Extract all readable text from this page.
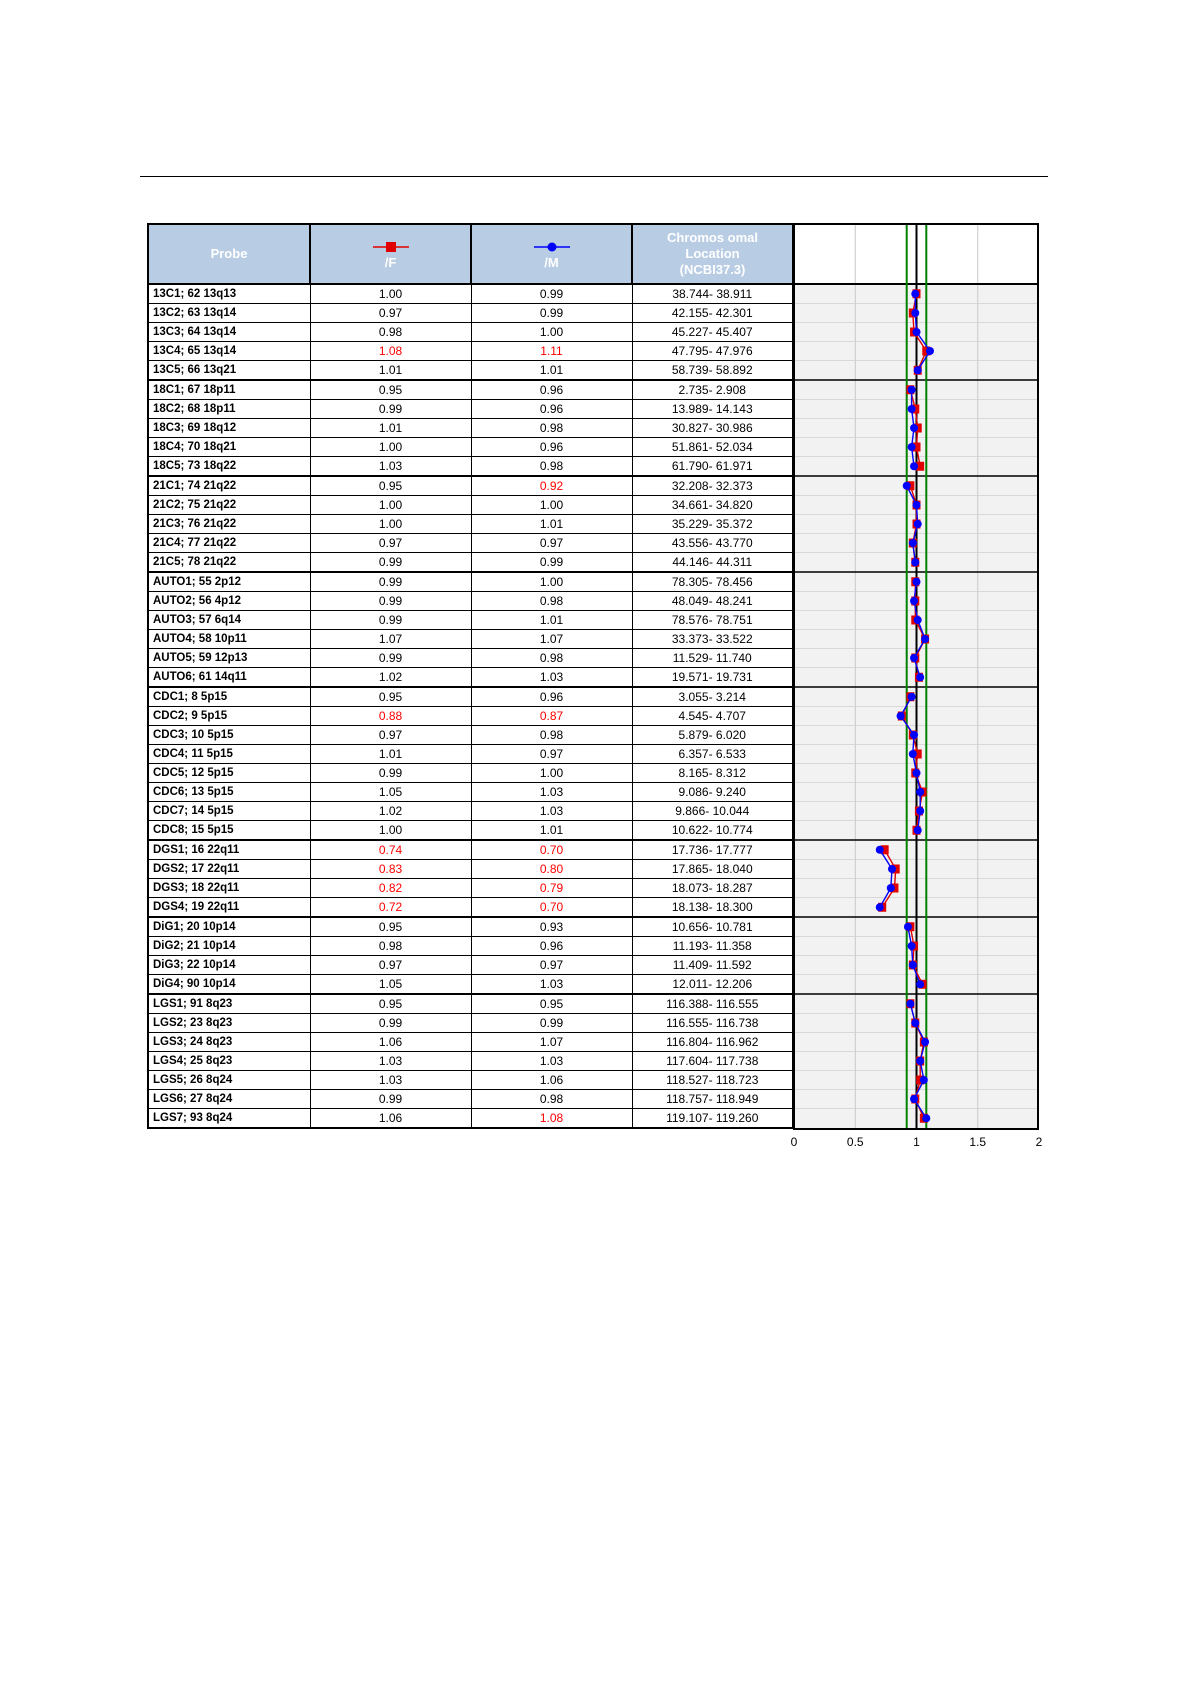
Probe	/F	/M	Chromos omal
Location
(NCBI37.3)

13C1; 62 13q13	1.00	0.99	38.744- 38.911
13C2; 63 13q14	0.97	0.99	42.155- 42.301
13C3; 64 13q14	0.98	1.00	45.227- 45.407
13C4; 65 13q14	1.08	1.11	47.795- 47.976
13C5; 66 13q21	1.01	1.01	58.739- 58.892
18C1; 67 18p11	0.95	0.96	2.735- 2.908
18C2; 68 18p11	0.99	0.96	13.989- 14.143
18C3; 69 18q12	1.01	0.98	30.827- 30.986
18C4; 70 18q21	1.00	0.96	51.861- 52.034
18C5; 73 18q22	1.03	0.98	61.790- 61.971
21C1; 74 21q22	0.95	0.92	32.208- 32.373
21C2; 75 21q22	1.00	1.00	34.661- 34.820
21C3; 76 21q22	1.00	1.01	35.229- 35.372
21C4; 77 21q22	0.97	0.97	43.556- 43.770
21C5; 78 21q22	0.99	0.99	44.146- 44.311
AUTO1; 55 2p12	0.99	1.00	78.305- 78.456
AUTO2; 56 4p12	0.99	0.98	48.049- 48.241
AUTO3; 57 6q14	0.99	1.01	78.576- 78.751
AUTO4; 58 10p11	1.07	1.07	33.373- 33.522
AUTO5; 59 12p13	0.99	0.98	11.529- 11.740
AUTO6; 61 14q11	1.02	1.03	19.571- 19.731
CDC1; 8 5p15	0.95	0.96	3.055- 3.214
CDC2; 9 5p15	0.88	0.87	4.545- 4.707
CDC3; 10 5p15	0.97	0.98	5.879- 6.020
CDC4; 11 5p15	1.01	0.97	6.357- 6.533
CDC5; 12 5p15	0.99	1.00	8.165- 8.312
CDC6; 13 5p15	1.05	1.03	9.086- 9.240
CDC7; 14 5p15	1.02	1.03	9.866- 10.044
CDC8; 15 5p15	1.00	1.01	10.622- 10.774
DGS1; 16 22q11	0.74	0.70	17.736- 17.777
DGS2; 17 22q11	0.83	0.80	17.865- 18.040
DGS3; 18 22q11	0.82	0.79	18.073- 18.287
DGS4; 19 22q11	0.72	0.70	18.138- 18.300
DiG1; 20 10p14	0.95	0.93	10.656- 10.781
DiG2; 21 10p14	0.98	0.96	11.193- 11.358
DiG3; 22 10p14	0.97	0.97	11.409- 11.592
DiG4; 90 10p14	1.05	1.03	12.011- 12.206
LGS1; 91 8q23	0.95	0.95	116.388- 116.555
LGS2; 23 8q23	0.99	0.99	116.555- 116.738
LGS3; 24 8q23	1.06	1.07	116.804- 116.962
LGS4; 25 8q23	1.03	1.03	117.604- 117.738
LGS5; 26 8q24	1.03	1.06	118.527- 118.723
LGS6; 27 8q24	0.99	0.98	118.757- 118.949
LGS7; 93 8q24	1.06	1.08	119.107- 119.260
0	0.5	1	1.5	2
